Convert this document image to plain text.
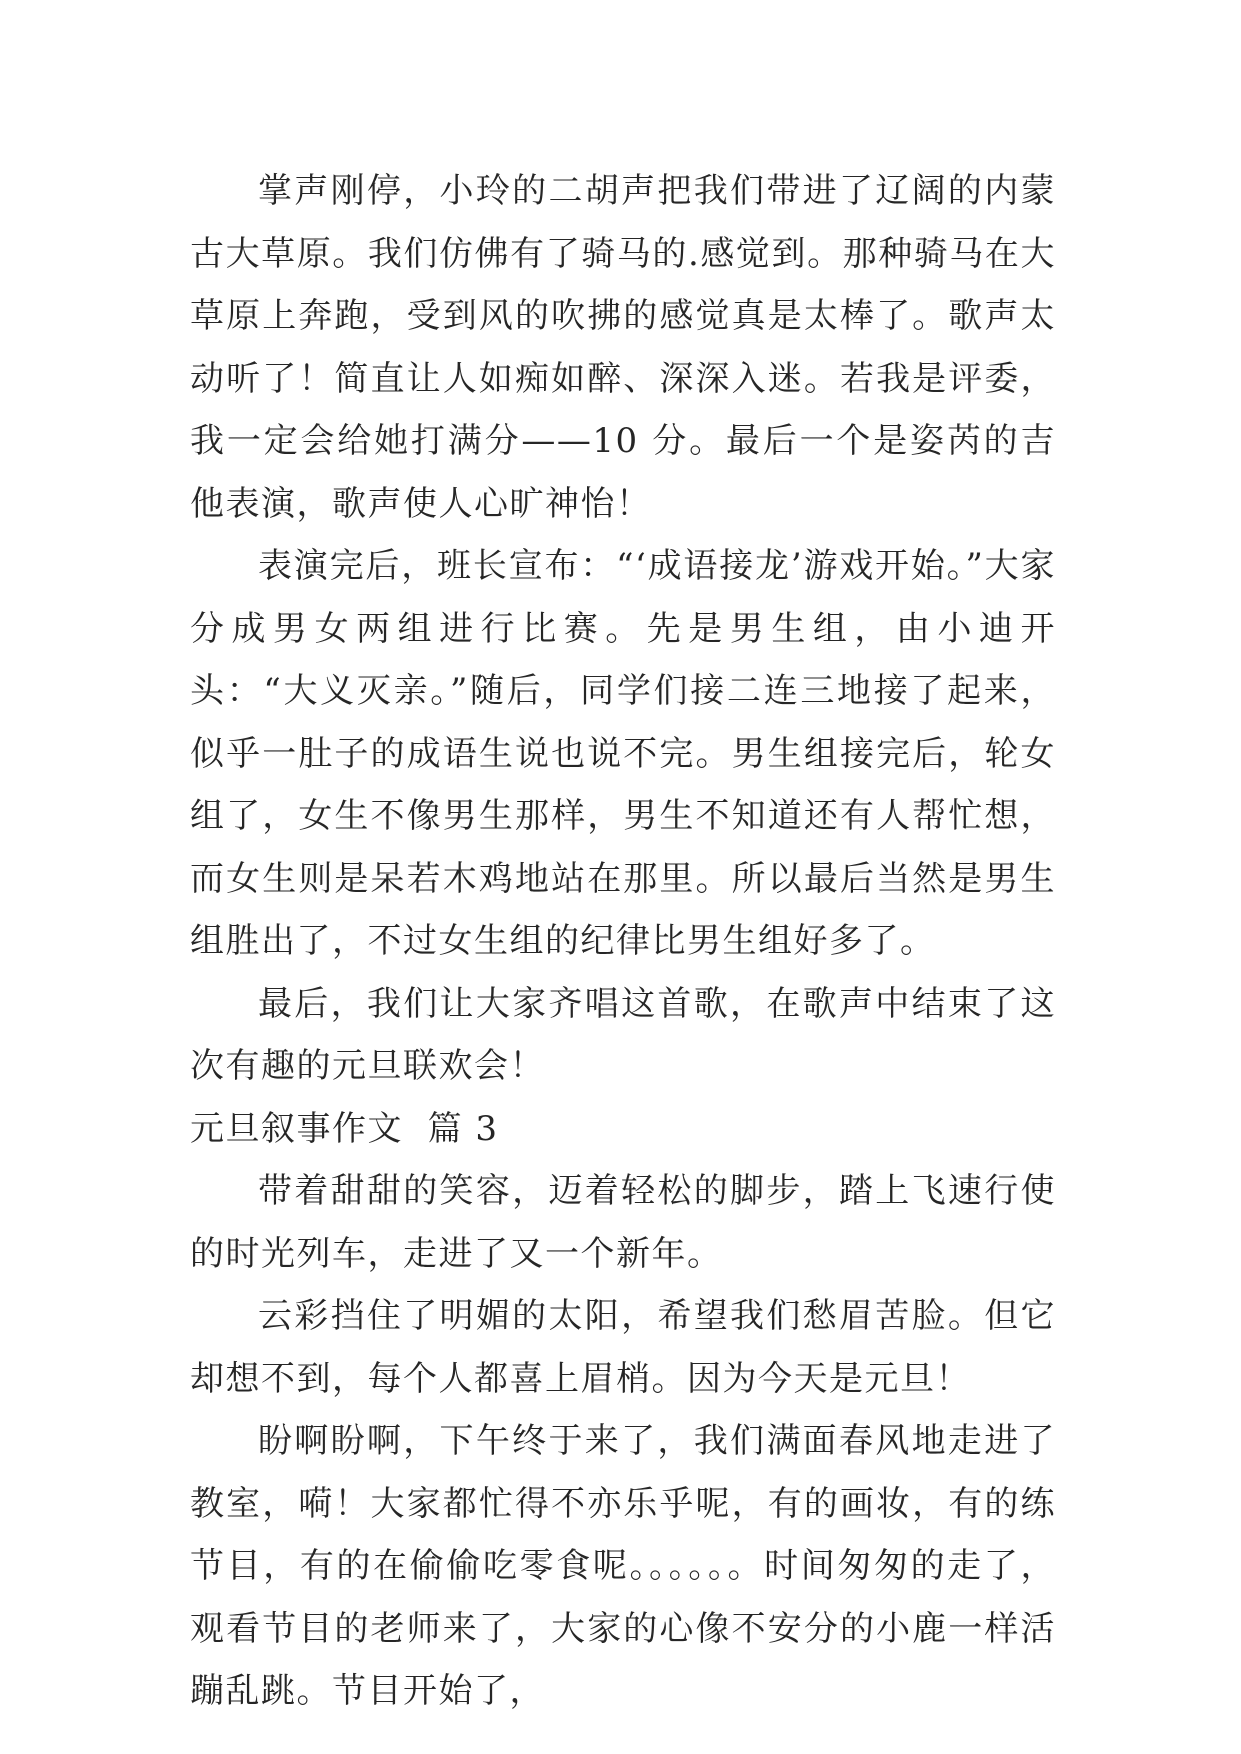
掌声刚停，小玲的二胡声把我们带进了辽阔的内蒙古大草原。我们仿佛有了骑马的.感觉到。那种骑马在大草原上奔跑，受到风的吹拂的感觉真是太棒了。歌声太动听了！简直让人如痴如醉、深深入迷。若我是评委，我一定会给她打满分——10 分。最后一个是姿芮的吉他表演，歌声使人心旷神怡！

表演完后，班长宣布：“‘成语接龙’游戏开始。”大家分成男女两组进行比赛。先是男生组，由小迪开头：“大义灭亲。”随后，同学们接二连三地接了起来，似乎一肚子的成语生说也说不完。男生组接完后，轮女组了，女生不像男生那样，男生不知道还有人帮忙想，而女生则是呆若木鸡地站在那里。所以最后当然是男生组胜出了，不过女生组的纪律比男生组好多了。

最后，我们让大家齐唱这首歌，在歌声中结束了这次有趣的元旦联欢会！

元旦叙事作文  篇 3

带着甜甜的笑容，迈着轻松的脚步，踏上飞速行使的时光列车，走进了又一个新年。

云彩挡住了明媚的太阳，希望我们愁眉苦脸。但它却想不到，每个人都喜上眉梢。因为今天是元旦！

盼啊盼啊，下午终于来了，我们满面春风地走进了教室，嗬！大家都忙得不亦乐乎呢，有的画妆，有的练节目，有的在偷偷吃零食呢。。。。。。时间匆匆的走了，观看节目的老师来了，大家的心像不安分的小鹿一样活蹦乱跳。节目开始了，
